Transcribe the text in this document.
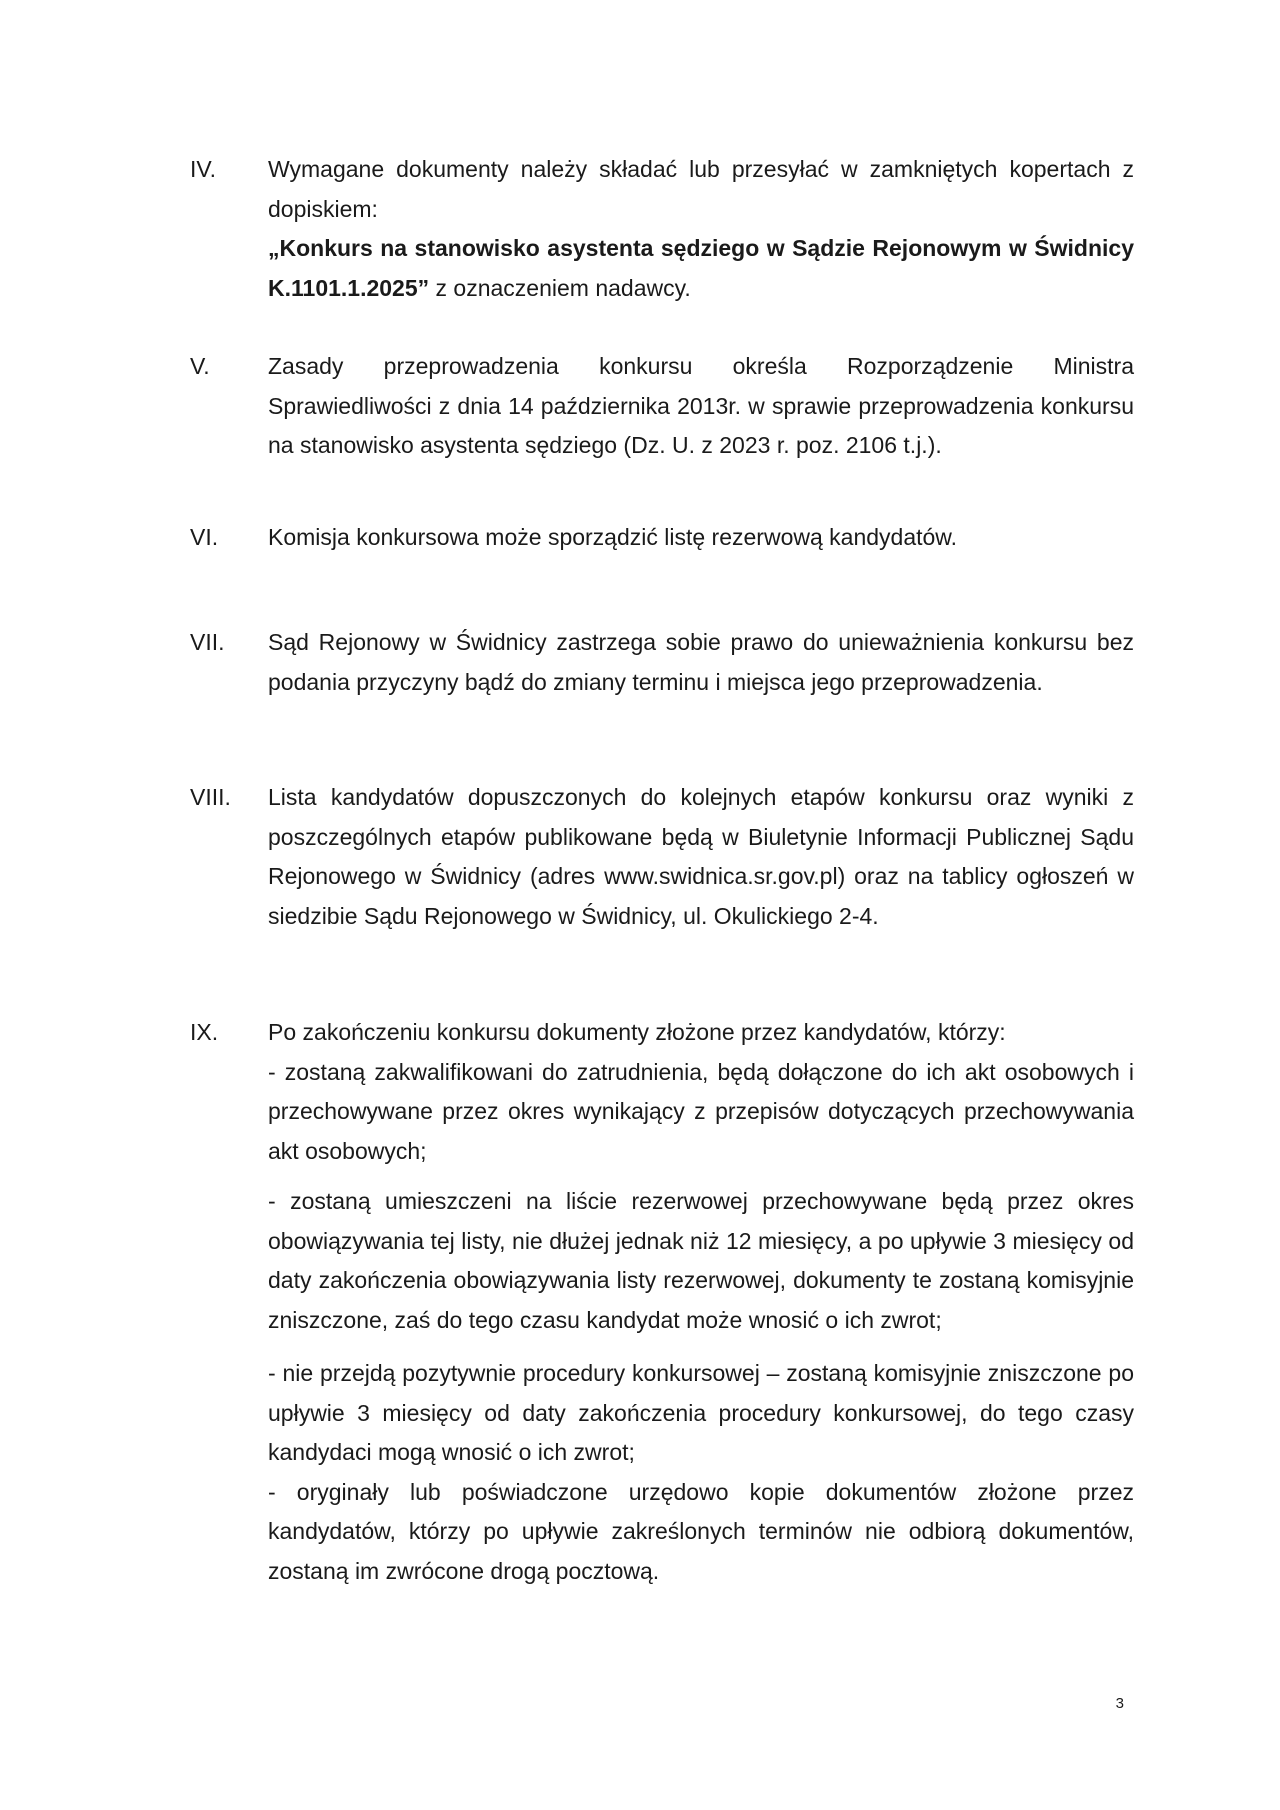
IV. Wymagane dokumenty należy składać lub przesyłać w zamkniętych kopertach z dopiskiem:

„Konkurs na stanowisko asystenta sędziego w Sądzie Rejonowym w Świdnicy K.1101.1.2025” z oznaczeniem nadawcy.

V.	Zasady przeprowadzenia konkursu określa Rozporządzenie Ministra Sprawiedliwości z dnia 14 października 2013r. w sprawie przeprowadzenia konkursu na stanowisko asystenta sędziego (Dz. U. z 2023 r. poz. 2106 t.j.).

VI. Komisja konkursowa może sporządzić listę rezerwową kandydatów.

VII. Sąd Rejonowy w Świdnicy zastrzega sobie prawo do unieważnienia konkursu bez podania przyczyny bądź do zmiany terminu i miejsca jego przeprowadzenia.

VIII. Lista kandydatów dopuszczonych do kolejnych etapów konkursu oraz wyniki z poszczególnych etapów publikowane będą w Biuletynie Informacji Publicznej Sądu Rejonowego w Świdnicy (adres www.swidnica.sr.gov.pl) oraz na tablicy ogłoszeń w siedzibie Sądu Rejonowego w Świdnicy, ul. Okulickiego 2-4.

IX. Po zakończeniu konkursu dokumenty złożone przez kandydatów, którzy:

- zostaną zakwalifikowani do zatrudnienia, będą dołączone do ich akt osobowych i przechowywane przez okres wynikający z przepisów dotyczących przechowywania akt osobowych;

- zostaną umieszczeni na liście rezerwowej przechowywane będą przez okres obowiązywania tej listy, nie dłużej jednak niż 12 miesięcy, a po upływie 3 miesięcy od daty zakończenia obowiązywania listy rezerwowej, dokumenty te zostaną komisyjnie zniszczone, zaś do tego czasu kandydat może wnosić o ich zwrot;

- nie przejdą pozytywnie procedury konkursowej – zostaną komisyjnie zniszczone po upływie 3 miesięcy od daty zakończenia procedury konkursowej, do tego czasy kandydaci mogą wnosić o ich zwrot;

- oryginały lub poświadczone urzędowo kopie dokumentów złożone przez kandydatów, którzy po upływie zakreślonych terminów nie odbiorą dokumentów, zostaną im zwrócone drogą pocztową.

3
